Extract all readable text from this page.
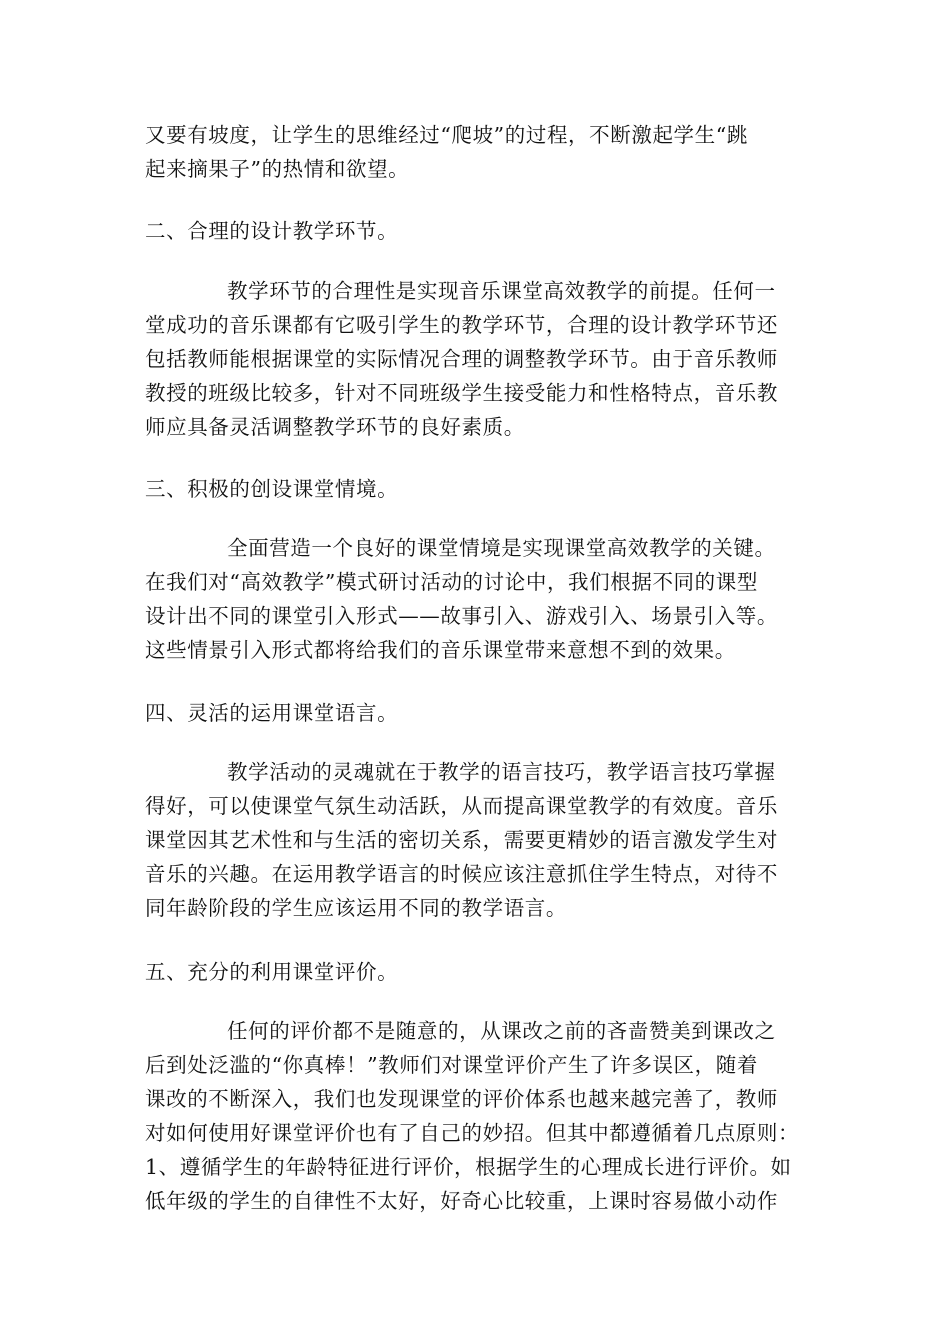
又要有坡度，让学生的思维经过“爬坡”的过程，不断激起学生“跳
起来摘果子”的热情和欲望。
二、合理的设计教学环节。
教学环节的合理性是实现音乐课堂高效教学的前提。任何一
堂成功的音乐课都有它吸引学生的教学环节，合理的设计教学环节还
包括教师能根据课堂的实际情况合理的调整教学环节。由于音乐教师
教授的班级比较多，针对不同班级学生接受能力和性格特点，音乐教
师应具备灵活调整教学环节的良好素质。
三、积极的创设课堂情境。
全面营造一个良好的课堂情境是实现课堂高效教学的关键。
在我们对“高效教学”模式研讨活动的讨论中，我们根据不同的课型
设计出不同的课堂引入形式——故事引入、游戏引入、场景引入等。
这些情景引入形式都将给我们的音乐课堂带来意想不到的效果。
四、灵活的运用课堂语言。
教学活动的灵魂就在于教学的语言技巧，教学语言技巧掌握
得好，可以使课堂气氛生动活跃，从而提高课堂教学的有效度。音乐
课堂因其艺术性和与生活的密切关系，需要更精妙的语言激发学生对
音乐的兴趣。在运用教学语言的时候应该注意抓住学生特点，对待不
同年龄阶段的学生应该运用不同的教学语言。
五、充分的利用课堂评价。
任何的评价都不是随意的，从课改之前的吝啬赞美到课改之
后到处泛滥的“你真棒！”教师们对课堂评价产生了许多误区，随着
课改的不断深入，我们也发现课堂的评价体系也越来越完善了，教师
对如何使用好课堂评价也有了自己的妙招。但其中都遵循着几点原则：
1、遵循学生的年龄特征进行评价，根据学生的心理成长进行评价。如
低年级的学生的自律性不太好，好奇心比较重，上课时容易做小动作
